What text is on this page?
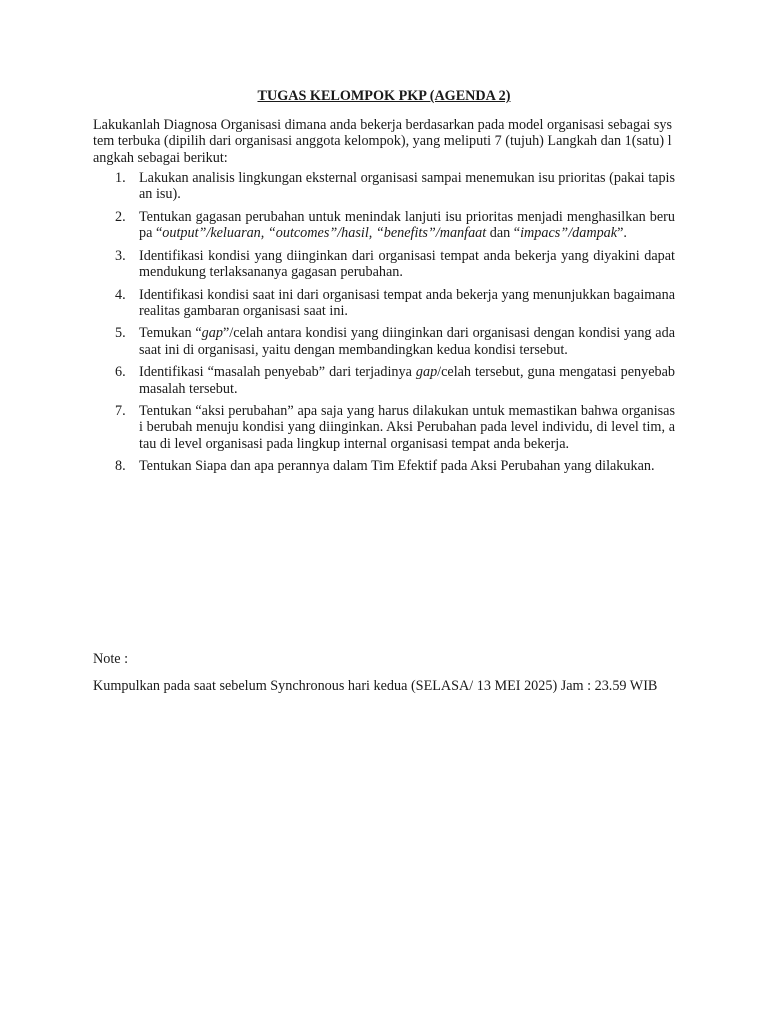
TUGAS KELOMPOK PKP (AGENDA 2)

Lakukanlah Diagnosa Organisasi dimana anda bekerja berdasarkan pada model organisasi sebagai system terbuka (dipilih dari organisasi anggota kelompok), yang meliputi 7 (tujuh) Langkah dan 1(satu) langkah sebagai berikut:

1. Lakukan analisis lingkungan eksternal organisasi sampai menemukan isu prioritas (pakai tapisan isu).
2. Tentukan gagasan perubahan untuk menindak lanjuti isu prioritas menjadi menghasilkan berupa “output”/keluaran, “outcomes”/hasil, “benefits”/manfaat dan “impacs”/dampak”.
3. Identifikasi kondisi yang diinginkan dari organisasi tempat anda bekerja yang diyakini dapat mendukung terlaksananya gagasan perubahan.
4. Identifikasi kondisi saat ini dari organisasi tempat anda bekerja yang menunjukkan bagaimana realitas gambaran organisasi saat ini.
5. Temukan “gap”/celah antara kondisi yang diinginkan dari organisasi dengan kondisi yang ada saat ini di organisasi, yaitu dengan membandingkan kedua kondisi tersebut.
6. Identifikasi “masalah penyebab” dari terjadinya gap/celah tersebut, guna mengatasi penyebab masalah tersebut.
7. Tentukan “aksi perubahan” apa saja yang harus dilakukan untuk memastikan bahwa organisasi berubah menuju kondisi yang diinginkan. Aksi Perubahan pada level individu, di level tim, atau di level organisasi pada lingkup internal organisasi tempat anda bekerja.
8. Tentukan Siapa dan apa perannya dalam Tim Efektif pada Aksi Perubahan yang dilakukan.

Note :

Kumpulkan pada saat sebelum Synchronous hari kedua (SELASA/ 13 MEI 2025) Jam : 23.59 WIB
